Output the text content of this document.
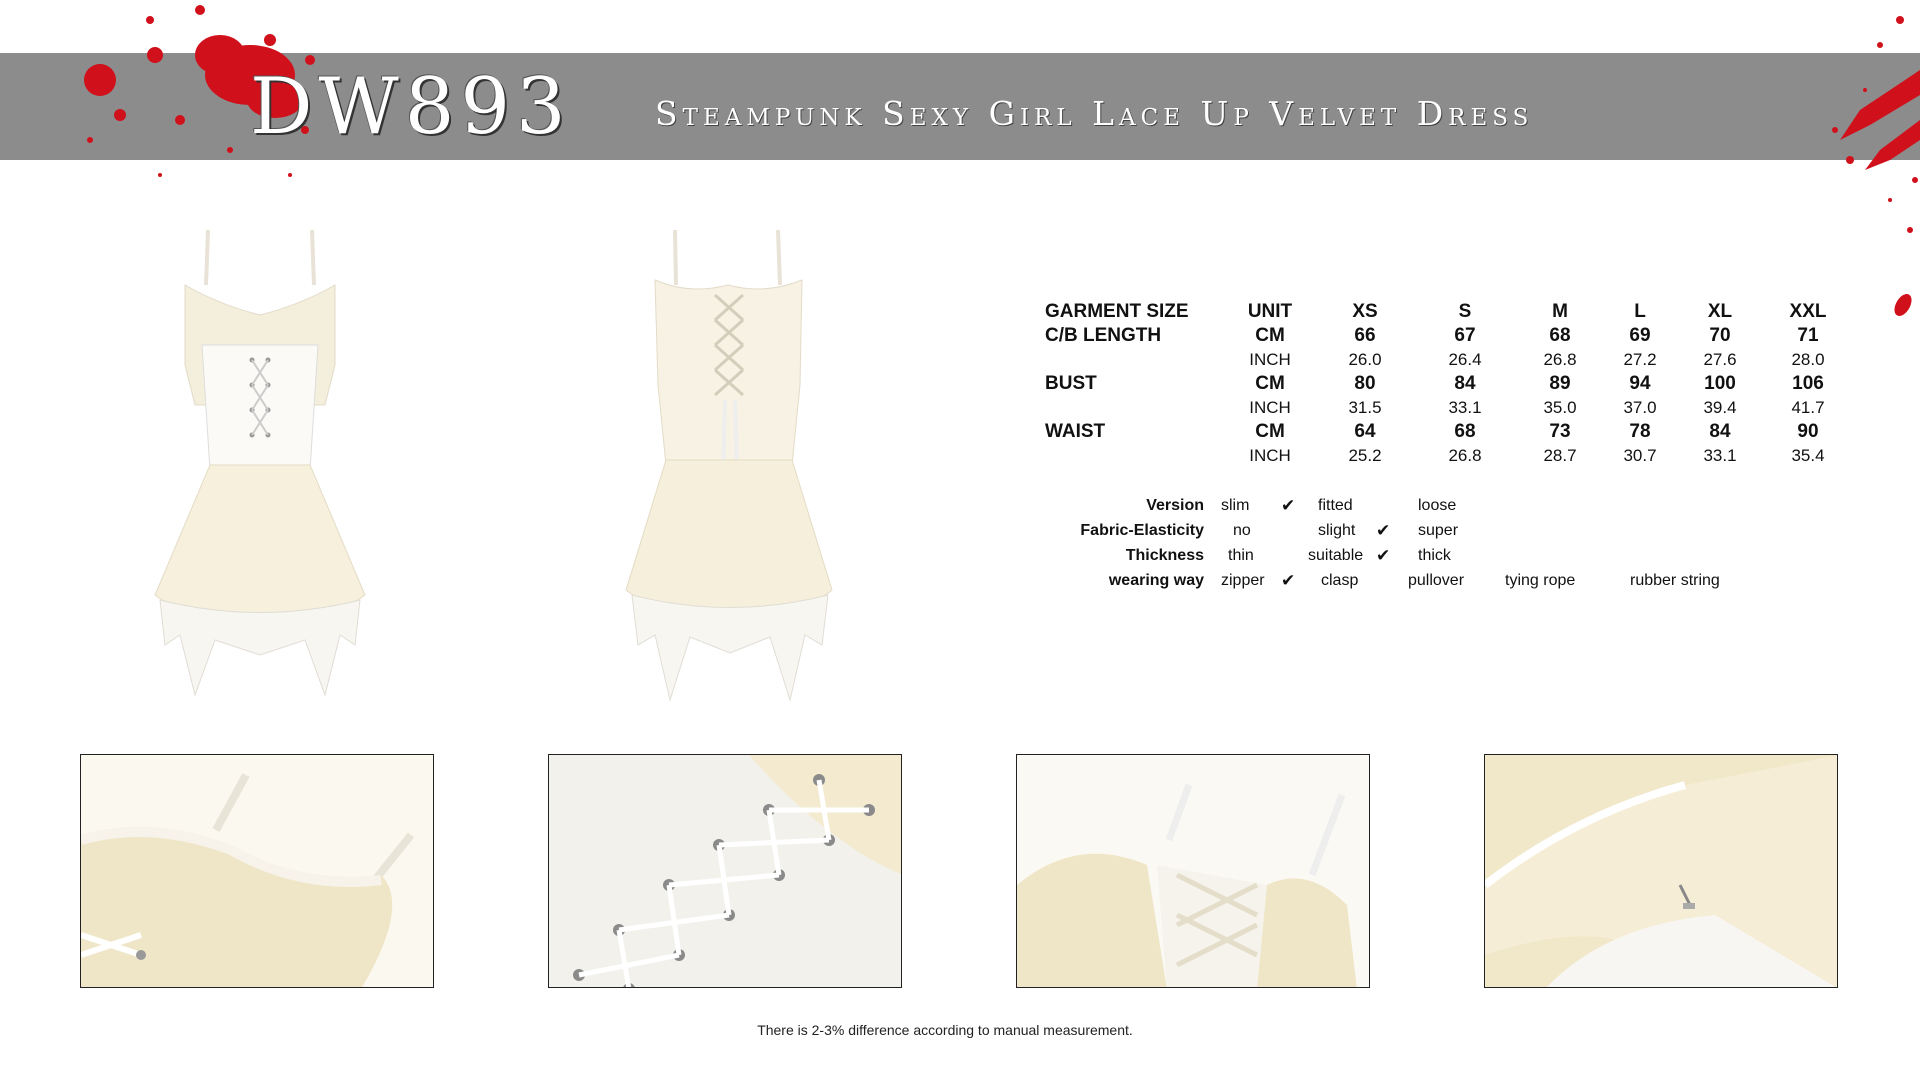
DW893	Steampunk Sexy Girl Lace Up Velvet Dress
GARMENT SIZE	UNIT	XS	S	M	L	XL	XXL
C/B LENGTH	CM	66	67	68	69	70	71
INCH	26.0	26.4	26.8	27.2	27.6	28.0
BUST	CM	80	84	89	94	100	106
INCH	31.5	33.1	35.0	37.0	39.4	41.7
WAIST	CM	64	68	73	78	84	90
INCH	25.2	26.8	28.7	30.7	33.1	35.4
Version slim ✔ fitted	loose
Fabric-Elasticity no	slight ✔ super
Thickness thin	suitable ✔ thick
wearing way zipper ✔ clasp	pullover	tying rope	rubber string
There is 2-3% difference according to manual measurement.
